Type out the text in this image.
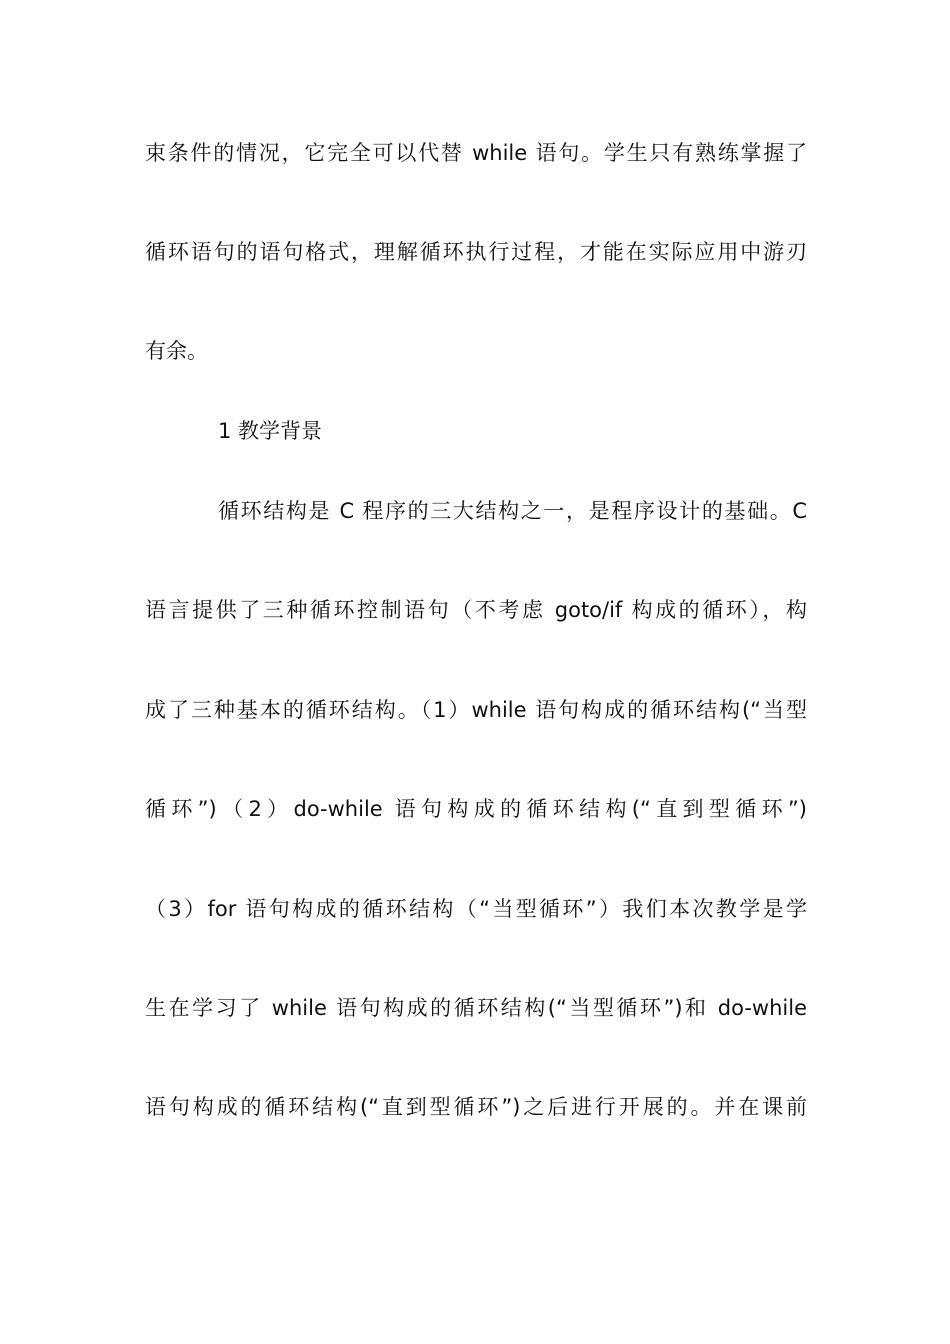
束条件的情况，它完全可以代替 while 语句。学生只有熟练掌握了
循环语句的语句格式，理解循环执行过程，才能在实际应用中游刃
有余。
1 教学背景
循环结构是 C 程序的三大结构之一，是程序设计的基础。C
语言提供了三种循环控制语句（不考虑 goto/if 构成的循环），构
成了三种基本的循环结构。（1）while 语句构成的循环结构(“当型
循环”)（2）do-while 语句构成的循环结构(“直到型循环”)
（3）for 语句构成的循环结构（“当型循环”）我们本次教学是学
生在学习了 while 语句构成的循环结构(“当型循环”)和 do-while
语句构成的循环结构(“直到型循环”)之后进行开展的。并在课前
